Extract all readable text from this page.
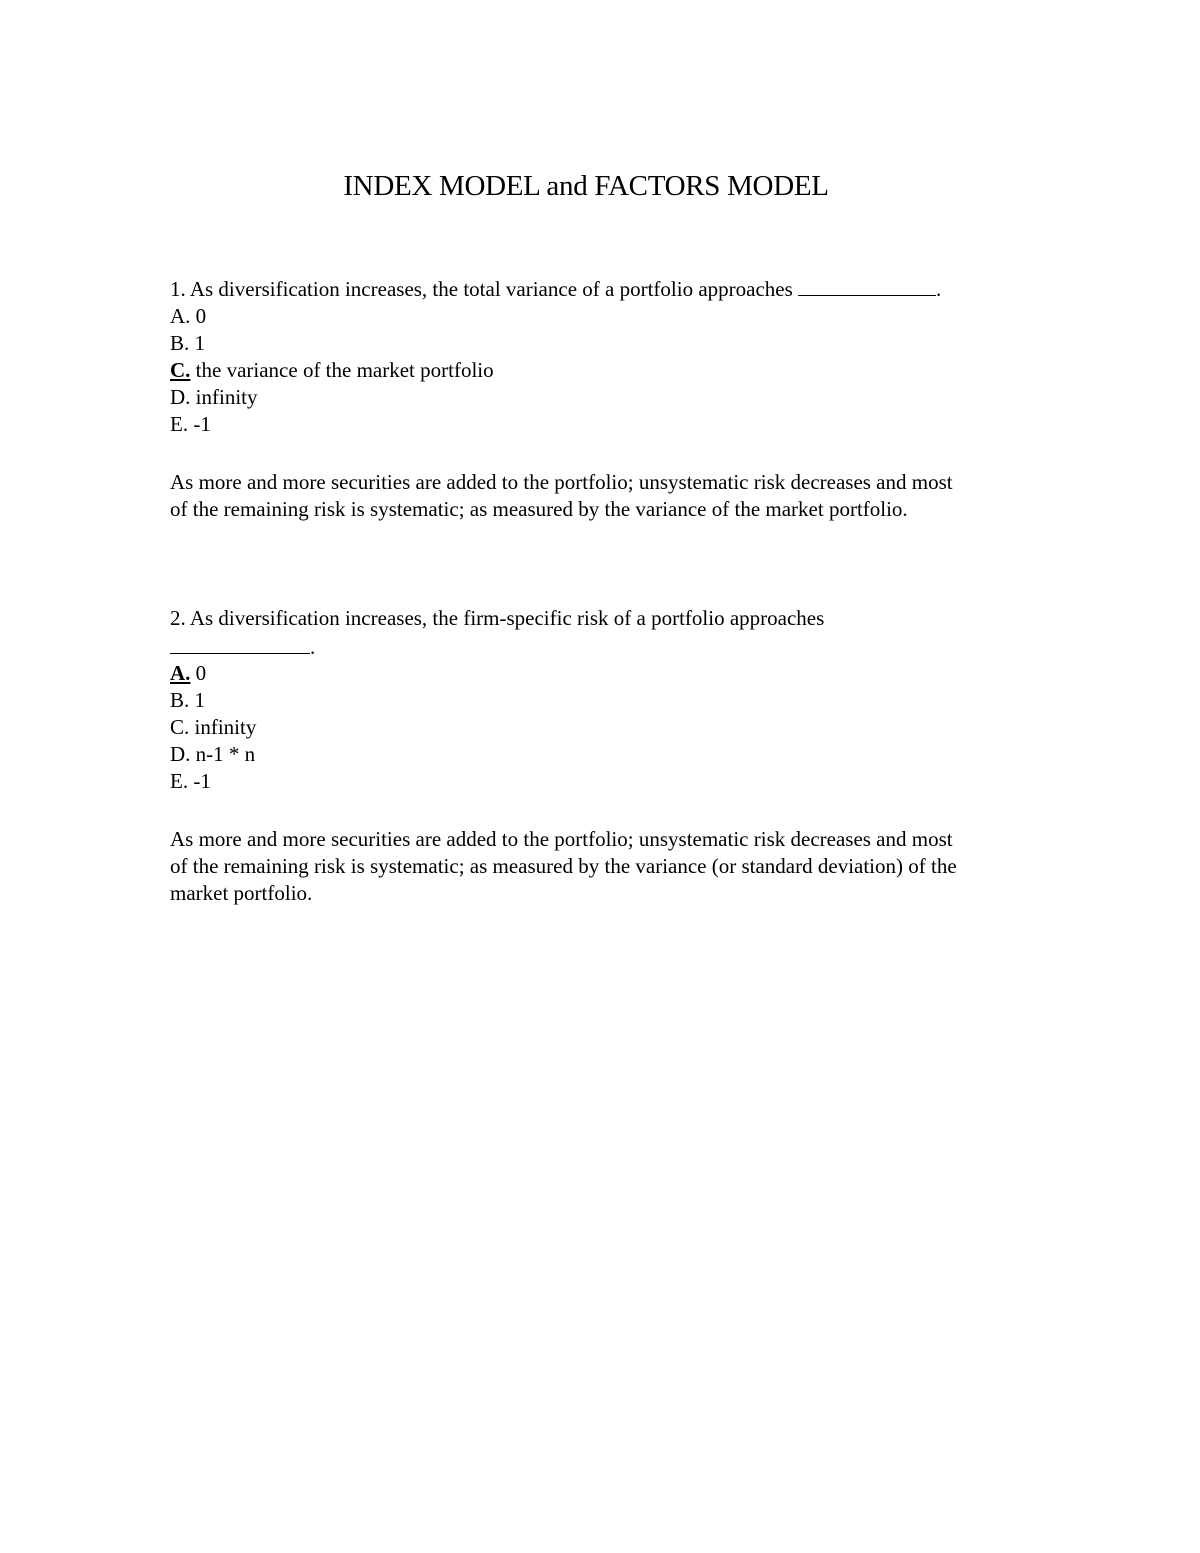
INDEX MODEL and FACTORS MODEL
1. As diversification increases, the total variance of a portfolio approaches	.
A. 0
B. 1
C. the variance of the market portfolio
D. infinity
E. -1
As more and more securities are added to the portfolio; unsystematic risk decreases and most
of the remaining risk is systematic; as measured by the variance of the market portfolio.
2. As diversification increases, the firm-specific risk of a portfolio approaches
.
A. 0
B. 1
C. infinity
D. n-1 * n
E. -1
As more and more securities are added to the portfolio; unsystematic risk decreases and most
of the remaining risk is systematic; as measured by the variance (or standard deviation) of the
market portfolio.
